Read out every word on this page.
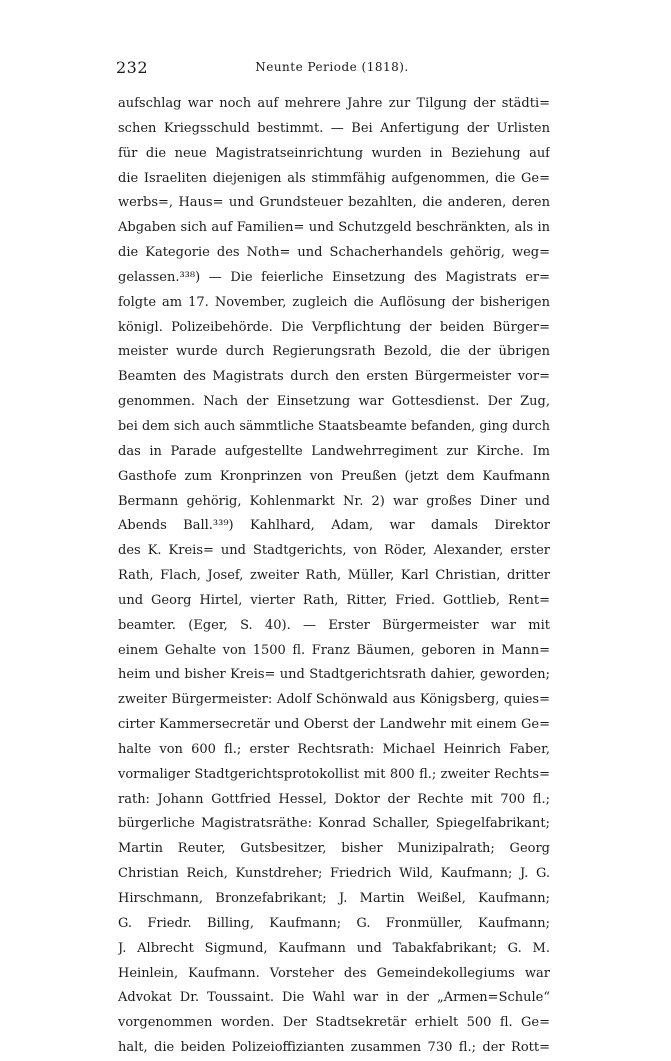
232	Neunte Periode (1818).
aufschlag war noch auf mehrere Jahre zur Tilgung der städti=
schen Kriegsschuld bestimmt. — Bei Anfertigung der Urlisten
für die neue Magistratseinrichtung wurden in Beziehung auf
die Israeliten diejenigen als stimmfähig aufgenommen, die Ge=
werbs=, Haus= und Grundsteuer bezahlten, die anderen, deren
Abgaben sich auf Familien= und Schutzgeld beschränkten, als in
die Kategorie des Noth= und Schacherhandels gehörig, weg=
gelassen.³³⁸) — Die feierliche Einsetzung des Magistrats er=
folgte am 17. November, zugleich die Auflösung der bisherigen
königl. Polizeibehörde. Die Verpflichtung der beiden Bürger=
meister wurde durch Regierungsrath Bezold, die der übrigen
Beamten des Magistrats durch den ersten Bürgermeister vor=
genommen. Nach der Einsetzung war Gottesdienst. Der Zug,
bei dem sich auch sämmtliche Staatsbeamte befanden, ging durch
das in Parade aufgestellte Landwehrregiment zur Kirche. Im
Gasthofe zum Kronprinzen von Preußen (jetzt dem Kaufmann
Bermann gehörig, Kohlenmarkt Nr. 2) war großes Diner und
Abends Ball.³³⁹) Kahlhard, Adam, war damals Direktor
des K. Kreis= und Stadtgerichts, von Röder, Alexander, erster
Rath, Flach, Josef, zweiter Rath, Müller, Karl Christian, dritter
und Georg Hirtel, vierter Rath, Ritter, Fried. Gottlieb, Rent=
beamter. (Eger, S. 40). — Erster Bürgermeister war mit
einem Gehalte von 1500 fl. Franz Bäumen, geboren in Mann=
heim und bisher Kreis= und Stadtgerichtsrath dahier, geworden;
zweiter Bürgermeister: Adolf Schönwald aus Königsberg, quies=
cirter Kammersecretär und Oberst der Landwehr mit einem Ge=
halte von 600 fl.; erster Rechtsrath: Michael Heinrich Faber,
vormaliger Stadtgerichtsprotokollist mit 800 fl.; zweiter Rechts=
rath: Johann Gottfried Hessel, Doktor der Rechte mit 700 fl.;
bürgerliche Magistratsräthe: Konrad Schaller, Spiegelfabrikant;
Martin Reuter, Gutsbesitzer, bisher Munizipalrath; Georg
Christian Reich, Kunstdreher; Friedrich Wild, Kaufmann; J. G.
Hirschmann, Bronzefabrikant; J. Martin Weißel, Kaufmann;
G. Friedr. Billing, Kaufmann; G. Fronmüller, Kaufmann;
J. Albrecht Sigmund, Kaufmann und Tabakfabrikant; G. M.
Heinlein, Kaufmann. Vorsteher des Gemeindekollegiums war
Advokat Dr. Toussaint. Die Wahl war in der „Armen=Schule“
vorgenommen worden. Der Stadtsekretär erhielt 500 fl. Ge=
halt, die beiden Polizeioffizianten zusammen 730 fl.; der Rott=
